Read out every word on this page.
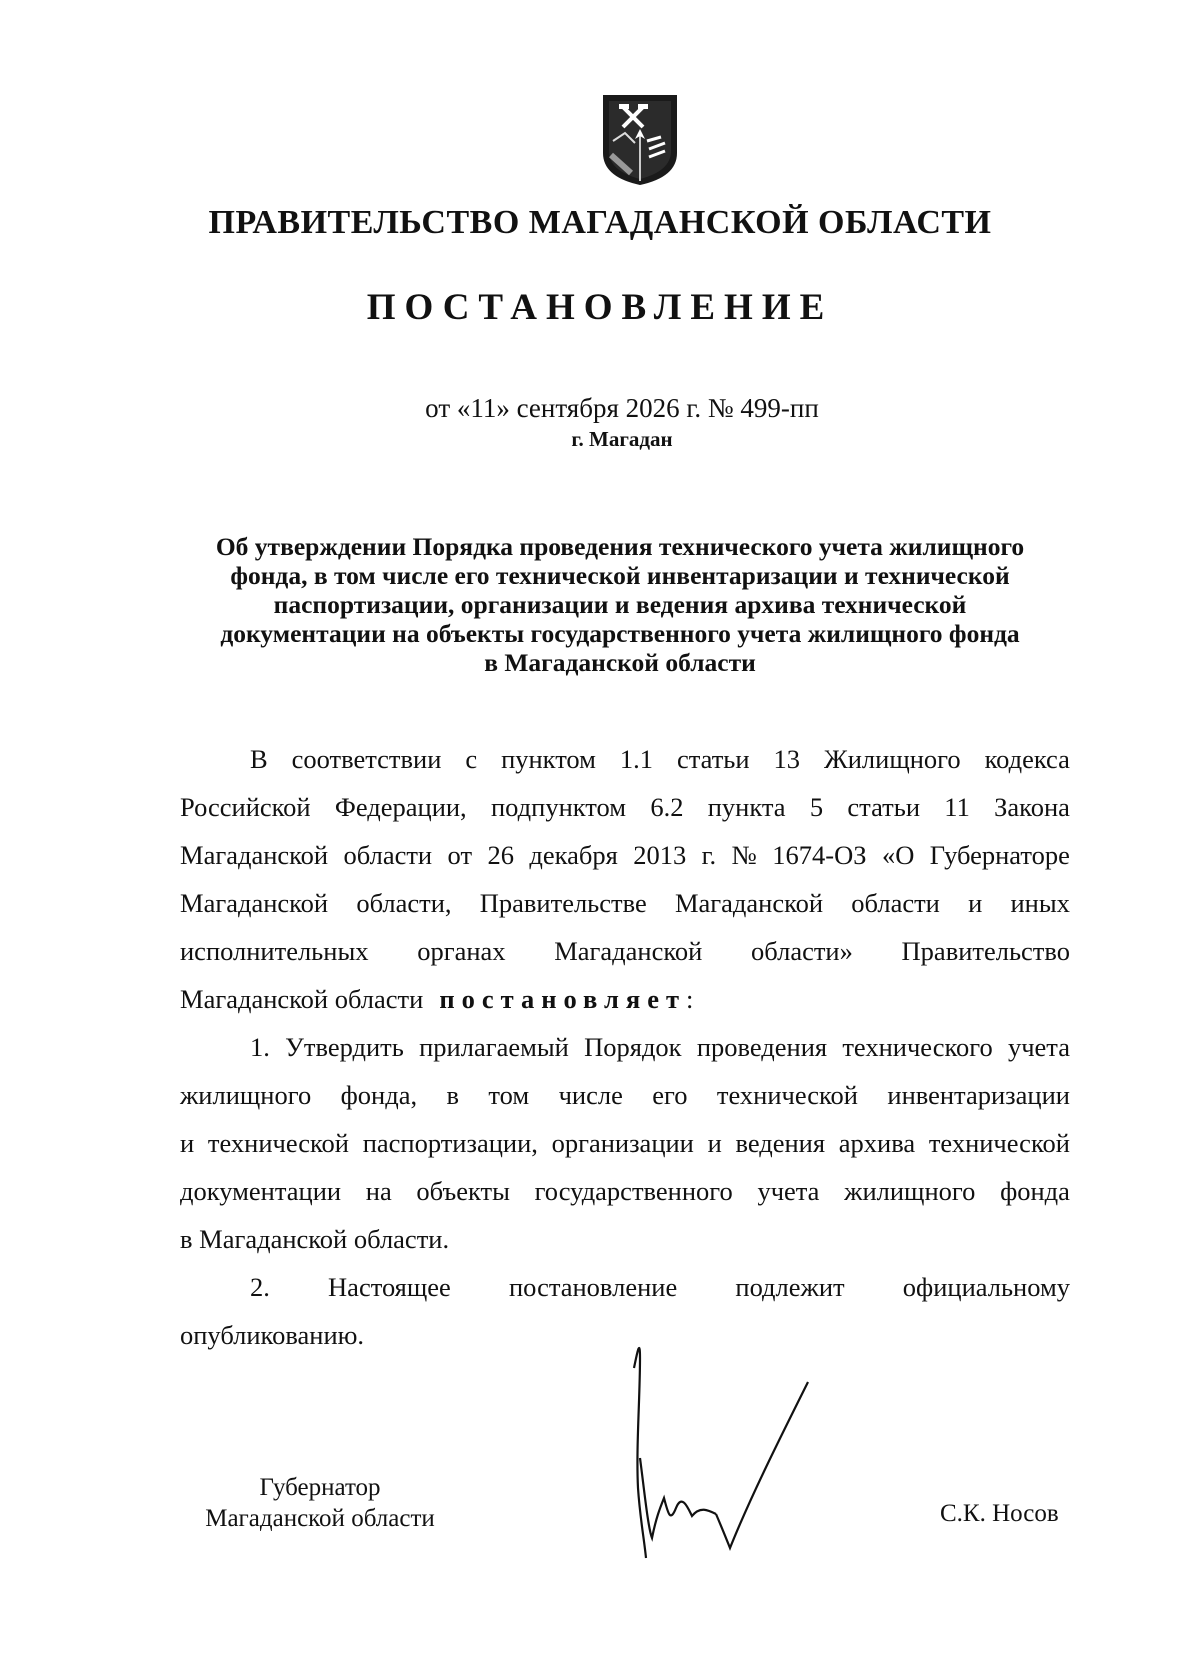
ПРАВИТЕЛЬСТВО МАГАДАНСКОЙ ОБЛАСТИ
ПОСТАНОВЛЕНИЕ
от «11» сентября 2026 г. № 499-пп
г. Магадан
Об утверждении Порядка проведения технического учета жилищного
фонда, в том числе его технической инвентаризации и технической
паспортизации, организации и ведения архива технической
документации на объекты государственного учета жилищного фонда
в Магаданской области
В соответствии с пунктом 1.1 статьи 13 Жилищного кодекса
Российской Федерации, подпунктом 6.2 пункта 5 статьи 11 Закона
Магаданской области от 26 декабря 2013 г. № 1674-ОЗ «О Губернаторе
Магаданской области, Правительстве Магаданской области и иных
исполнительных органах Магаданской области» Правительство
Магаданской области постановляет :
1. Утвердить прилагаемый Порядок проведения технического учета
жилищного фонда, в том числе его технической инвентаризации
и технической паспортизации, организации и ведения архива технической
документации на объекты государственного учета жилищного фонда
в Магаданской области.
2. Настоящее постановление подлежит официальному
опубликованию.
Губернатор
Магаданской области	С.К. Носов
